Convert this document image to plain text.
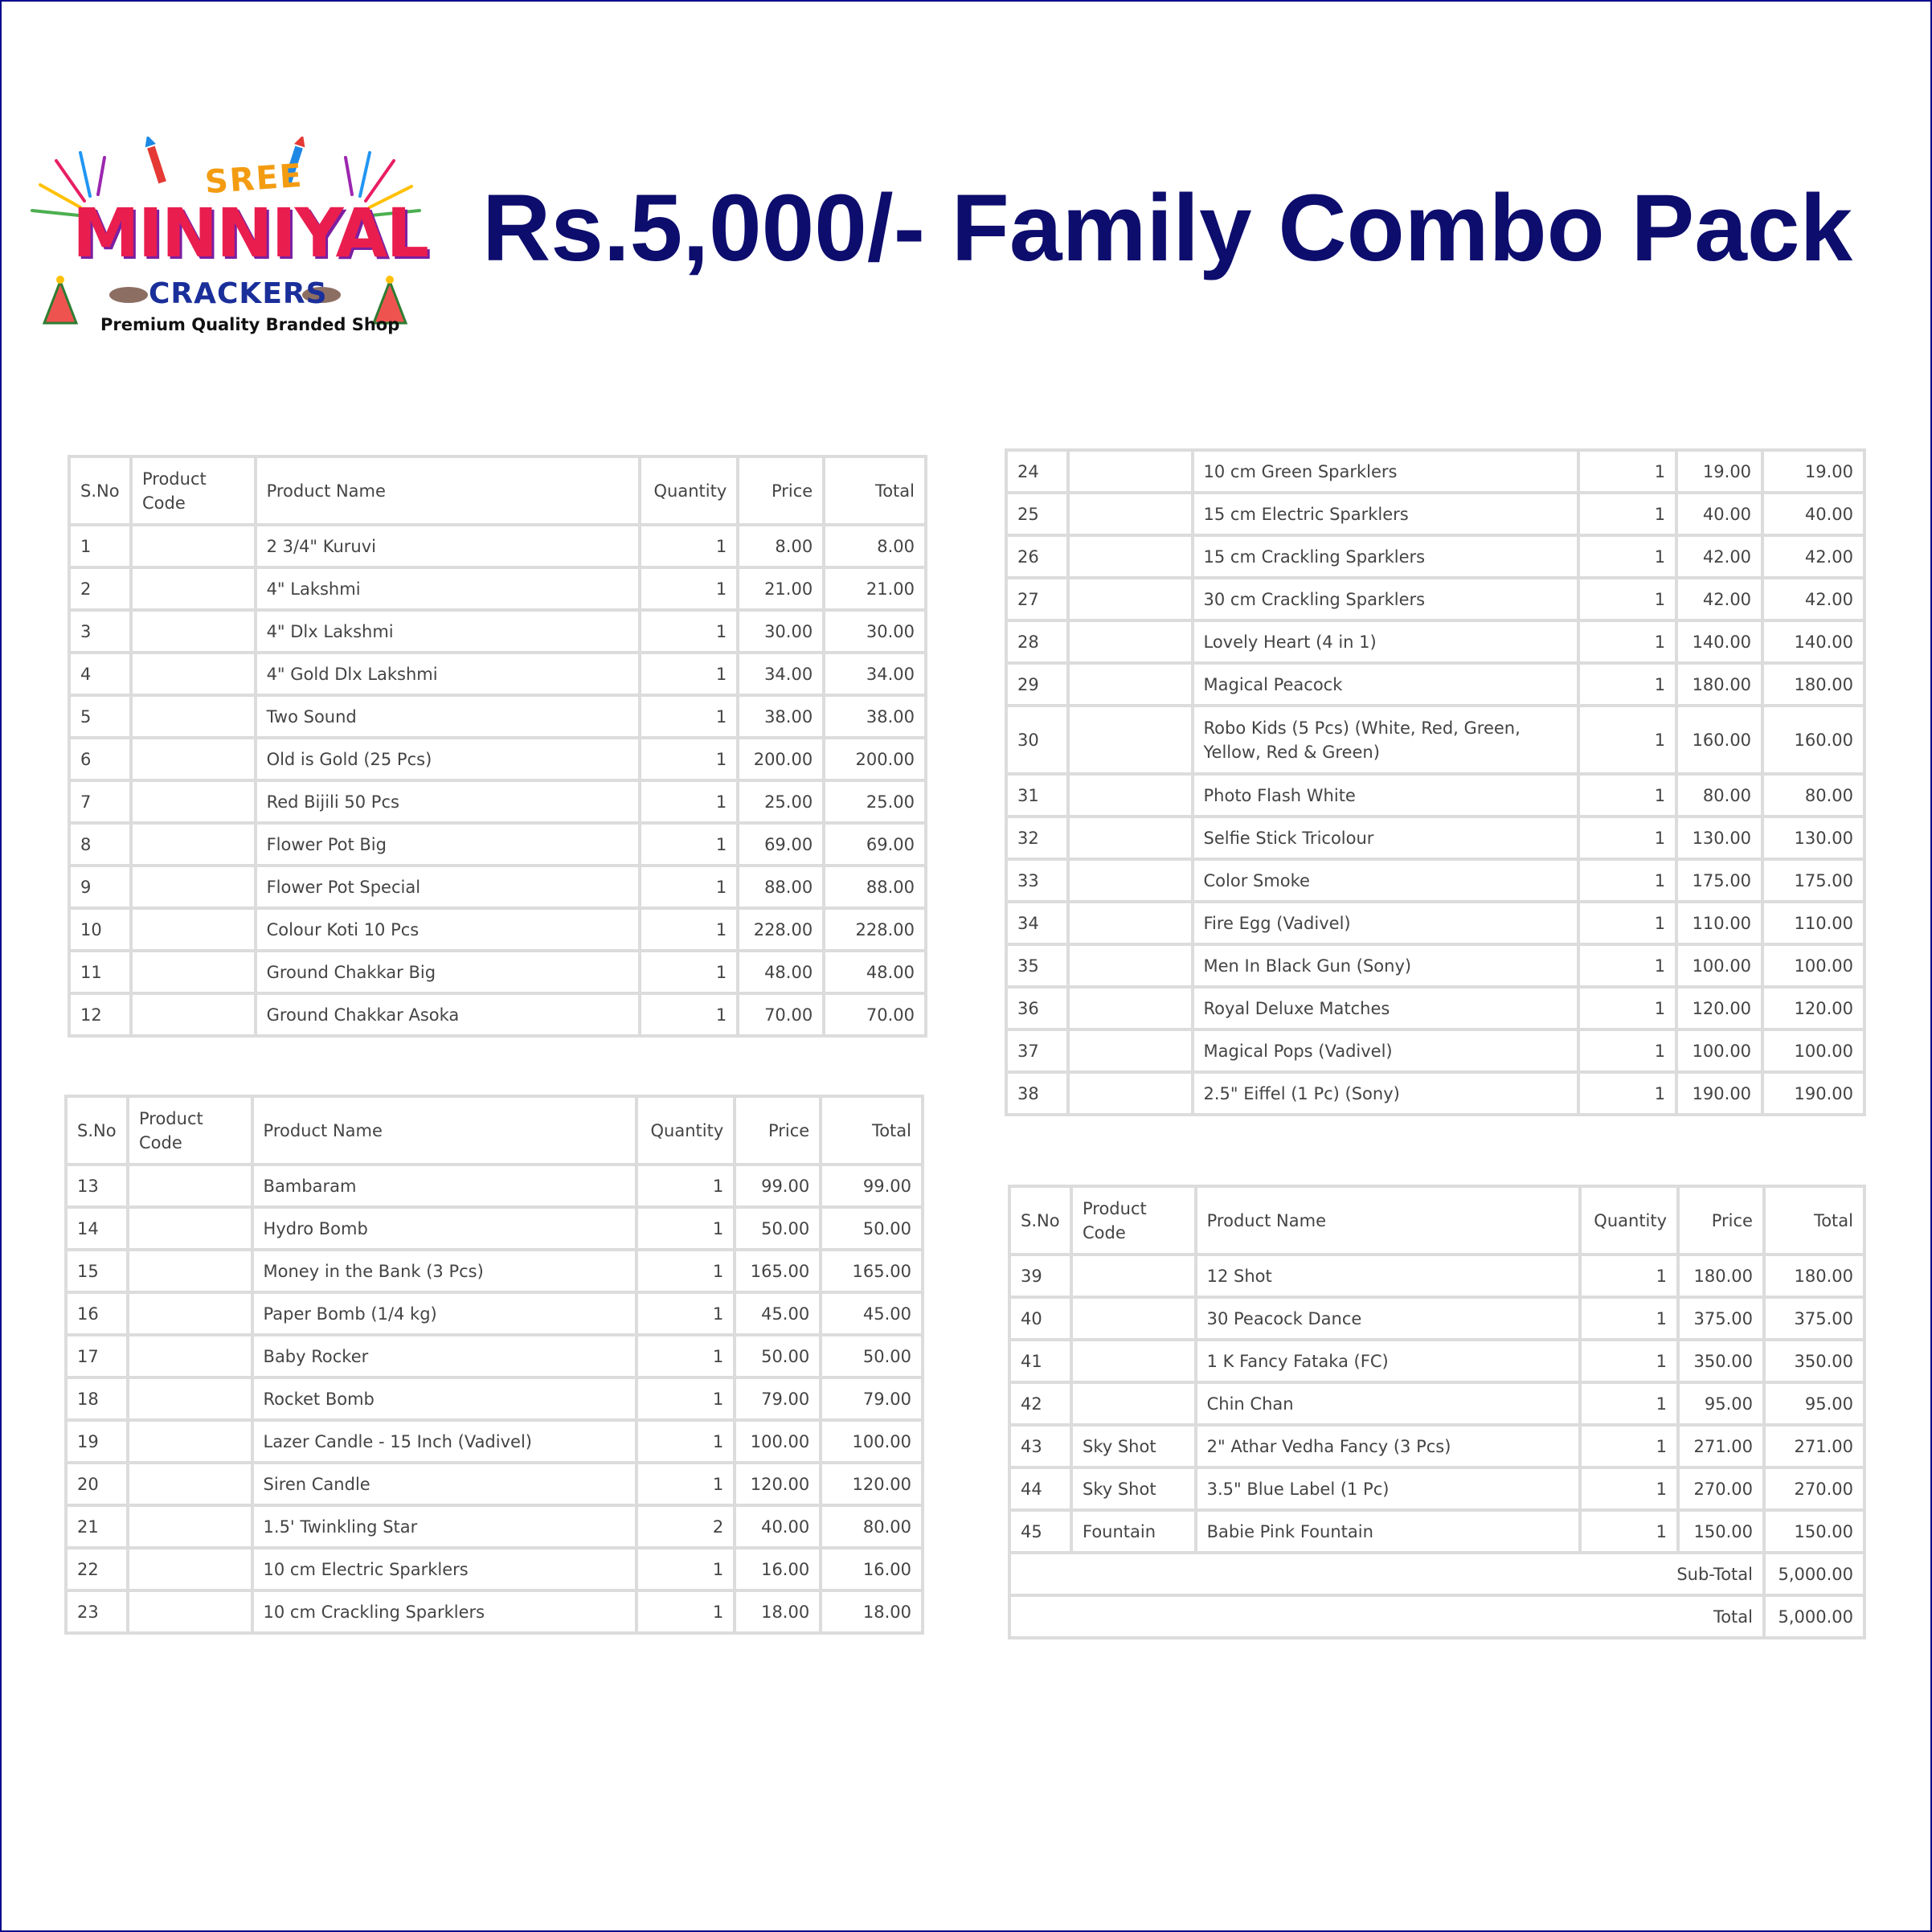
SREE
MINNIYAL
CRACKERS
Premium Quality Branded Shop
Rs.5,000/- Family Combo Pack
S.No	Product Code	Product Name	Quantity	Price	Total
1		2 3/4" Kuruvi	1	8.00	8.00
2		4" Lakshmi	1	21.00	21.00
3		4" Dlx Lakshmi	1	30.00	30.00
4		4" Gold Dlx Lakshmi	1	34.00	34.00
5		Two Sound	1	38.00	38.00
6		Old is Gold (25 Pcs)	1	200.00	200.00
7		Red Bijili 50 Pcs	1	25.00	25.00
8		Flower Pot Big	1	69.00	69.00
9		Flower Pot Special	1	88.00	88.00
10		Colour Koti 10 Pcs	1	228.00	228.00
11		Ground Chakkar Big	1	48.00	48.00
12		Ground Chakkar Asoka	1	70.00	70.00
S.No	Product Code	Product Name	Quantity	Price	Total
13		Bambaram	1	99.00	99.00
14		Hydro Bomb	1	50.00	50.00
15		Money in the Bank (3 Pcs)	1	165.00	165.00
16		Paper Bomb (1/4 kg)	1	45.00	45.00
17		Baby Rocker	1	50.00	50.00
18		Rocket Bomb	1	79.00	79.00
19		Lazer Candle - 15 Inch (Vadivel)	1	100.00	100.00
20		Siren Candle	1	120.00	120.00
21		1.5' Twinkling Star	2	40.00	80.00
22		10 cm Electric Sparklers	1	16.00	16.00
23		10 cm Crackling Sparklers	1	18.00	18.00
24		10 cm Green Sparklers	1	19.00	19.00
25		15 cm Electric Sparklers	1	40.00	40.00
26		15 cm Crackling Sparklers	1	42.00	42.00
27		30 cm Crackling Sparklers	1	42.00	42.00
28		Lovely Heart (4 in 1)	1	140.00	140.00
29		Magical Peacock	1	180.00	180.00
30		Robo Kids (5 Pcs) (White, Red, Green, Yellow, Red & Green)	1	160.00	160.00
31		Photo Flash White	1	80.00	80.00
32		Selfie Stick Tricolour	1	130.00	130.00
33		Color Smoke	1	175.00	175.00
34		Fire Egg (Vadivel)	1	110.00	110.00
35		Men In Black Gun (Sony)	1	100.00	100.00
36		Royal Deluxe Matches	1	120.00	120.00
37		Magical Pops (Vadivel)	1	100.00	100.00
38		2.5" Eiffel (1 Pc) (Sony)	1	190.00	190.00
S.No	Product Code	Product Name	Quantity	Price	Total
39		12 Shot	1	180.00	180.00
40		30 Peacock Dance	1	375.00	375.00
41		1 K Fancy Fataka (FC)	1	350.00	350.00
42		Chin Chan	1	95.00	95.00
43	Sky Shot	2" Athar Vedha Fancy (3 Pcs)	1	271.00	271.00
44	Sky Shot	3.5" Blue Label (1 Pc)	1	270.00	270.00
45	Fountain	Babie Pink Fountain	1	150.00	150.00
Sub-Total					5,000.00
Total					5,000.00
